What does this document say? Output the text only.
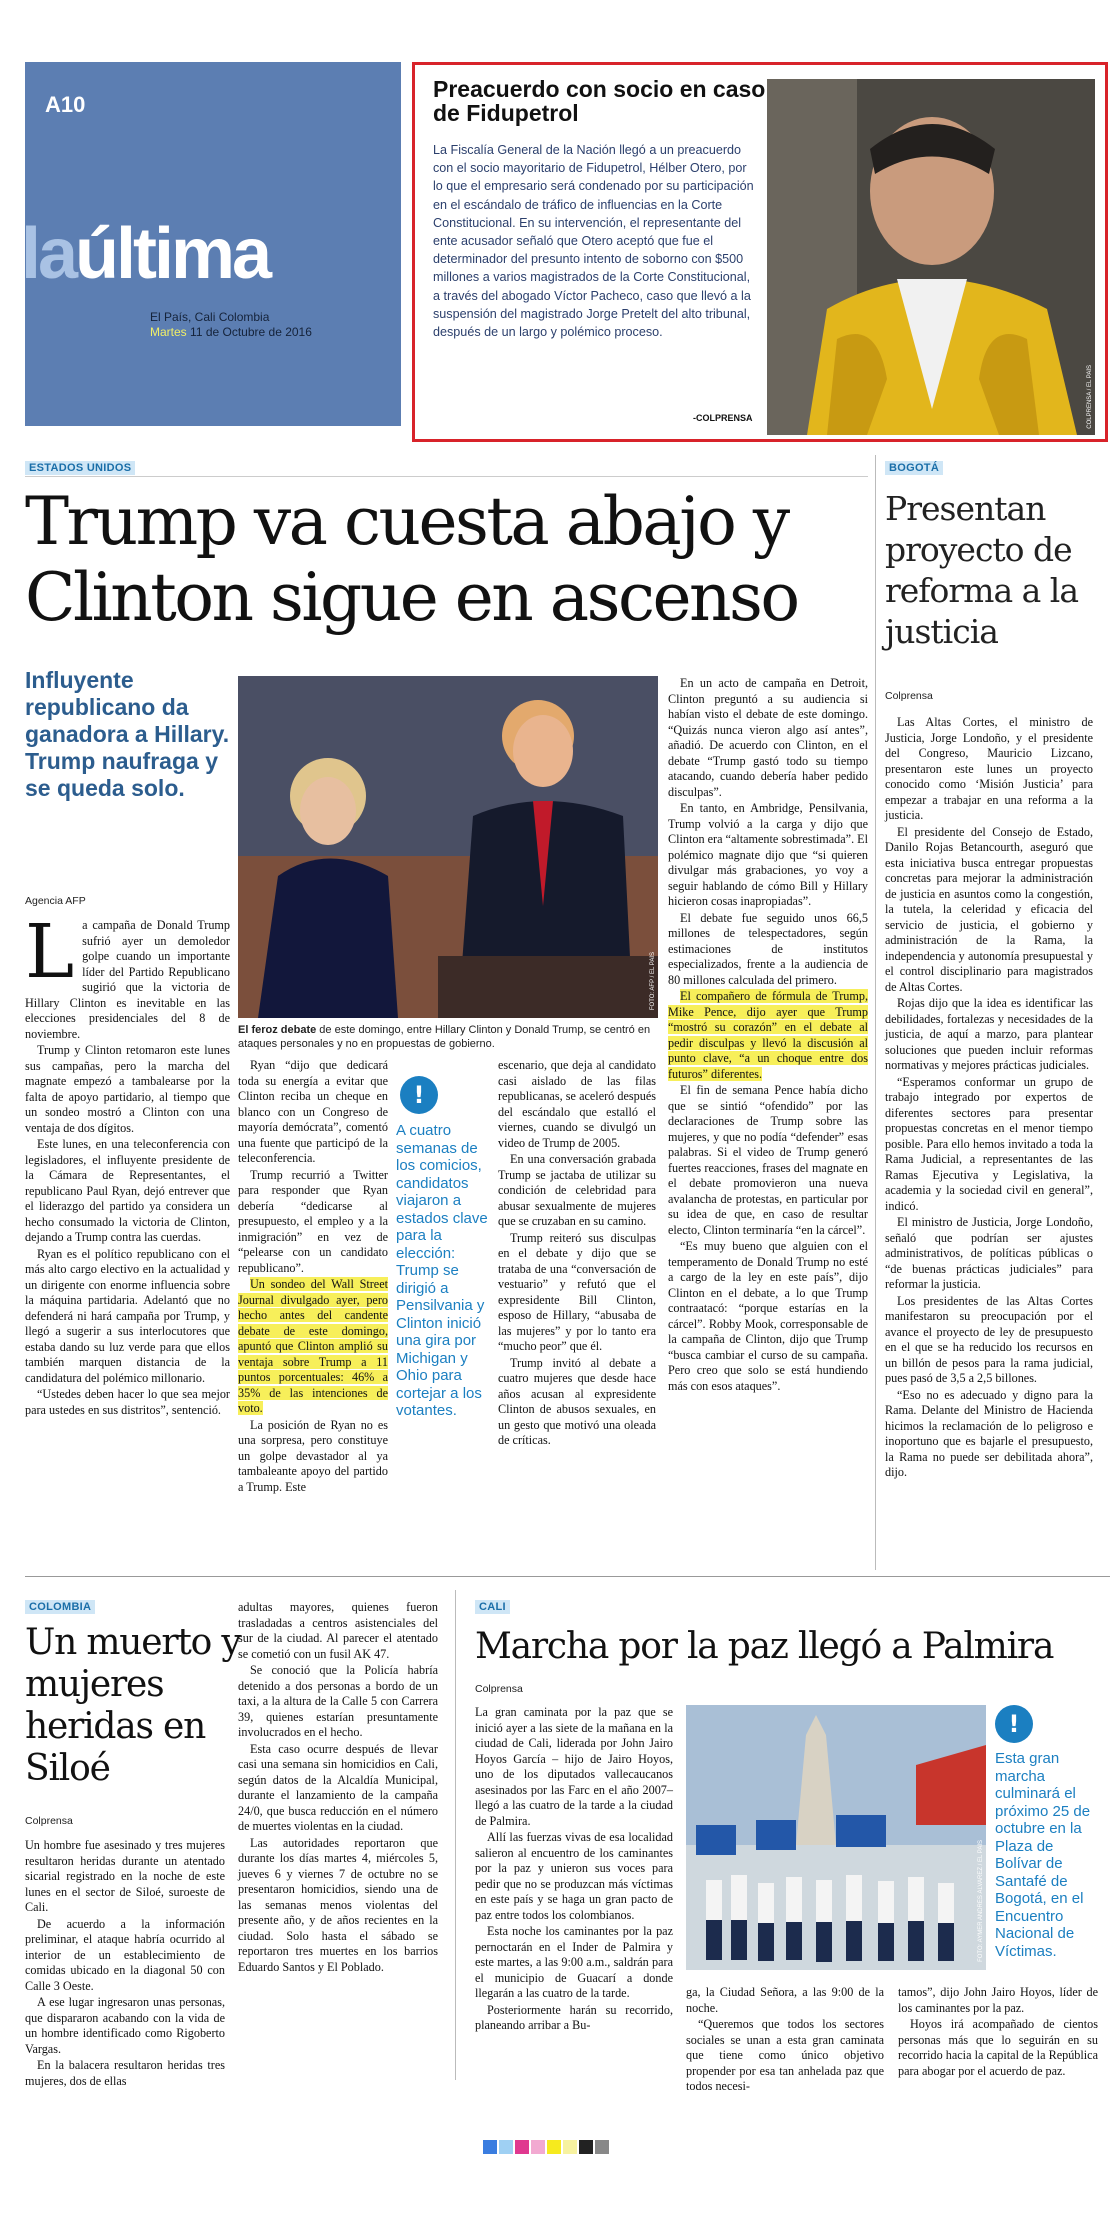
A10
laúltima
El País, Cali Colombia
Martes 11 de Octubre de 2016
Preacuerdo con socio en caso de Fidupetrol
La Fiscalía General de la Nación llegó a un preacuerdo con el socio mayoritario de Fidupetrol, Hélber Otero, por lo que el empresario será condenado por su participación en el escándalo de tráfico de influencias en la Corte Constitucional. En su intervención, el representante del ente acusador señaló que Otero aceptó que fue el determinador del presunto intento de soborno con $500 millones a varios magistrados de la Corte Constitucional, a través del abogado Víctor Pacheco, caso que llevó a la suspensión del magistrado Jorge Pretelt del alto tribunal, después de un largo y polémico proceso.
-COLPRENSA	COLPRENSA / EL PAÍS
ESTADOS UNIDOS
Trump va cuesta abajo y Clinton sigue en ascenso
Influyente republicano da ganadora a Hillary. Trump naufraga y se queda solo.
Agencia AFP
FOTO: AFP / EL PAÍS
El feroz debate de este domingo, entre Hillary Clinton y Donald Trump, se centró en ataques personales y no en propuestas de gobierno.
L a campaña de Donald Trump sufrió ayer un demoledor golpe cuando un importante líder del Partido Republicano sugirió que la victoria de Hillary Clinton es inevitable en las elecciones presidenciales del 8 de noviembre.

Trump y Clinton retomaron este lunes sus campañas, pero la marcha del magnate empezó a tambalearse por la falta de apoyo partidario, al tiempo que un sondeo mostró a Clinton con una ventaja de dos dígitos.

Este lunes, en una teleconferencia con legisladores, el influyente presidente de la Cámara de Representantes, el republicano Paul Ryan, dejó entrever que el liderazgo del partido ya considera un hecho consumado la victoria de Clinton, dejando a Trump contra las cuerdas.

Ryan es el político republicano con el más alto cargo electivo en la actualidad y un dirigente con enorme influencia sobre la máquina partidaria. Adelantó que no defenderá ni hará campaña por Trump, y llegó a sugerir a sus interlocutores que estaba dando su luz verde para que ellos también marquen distancia de la candidatura del polémico millonario.

“Ustedes deben hacer lo que sea mejor para ustedes en sus distritos”, sentenció.

Ryan “dijo que dedicará toda su energía a evitar que Clinton reciba un cheque en blanco con un Congreso de mayoría demócrata”, comentó una fuente que participó de la teleconferencia.

Trump recurrió a Twitter para responder que Ryan debería “dedicarse al presupuesto, el empleo y a la inmigración” en vez de “pelearse con un candidato republicano”.

Un sondeo del Wall Street Journal divulgado ayer, pero hecho antes del candente debate de este domingo, apuntó que Clinton amplió su ventaja sobre Trump a 11 puntos porcentuales: 46% a 35% de las intenciones de voto.

La posición de Ryan no es una sorpresa, pero constituye un golpe devastador al ya tambaleante apoyo del partido a Trump. Este

!
A cuatro semanas de los comicios, candidatos viajaron a estados clave para la elección: Trump se dirigió a Pensilvania y Clinton inició una gira por Michigan y Ohio para cortejar a los votantes.

escenario, que deja al candidato casi aislado de las filas republicanas, se aceleró después del escándalo que estalló el viernes, cuando se divulgó un video de Trump de 2005.

En una conversación grabada Trump se jactaba de utilizar su condición de celebridad para abusar sexualmente de mujeres que se cruzaban en su camino.

Trump reiteró sus disculpas en el debate y dijo que se trataba de una “conversación de vestuario” y refutó que el expresidente Bill Clinton, esposo de Hillary, “abusaba de las mujeres” y por lo tanto era “mucho peor” que él.

Trump invitó al debate a cuatro mujeres que desde hace años acusan al expresidente Clinton de abusos sexuales, en un gesto que motivó una oleada de críticas.

En un acto de campaña en Detroit, Clinton preguntó a su audiencia si habían visto el debate de este domingo. “Quizás nunca vieron algo así antes”, añadió. De acuerdo con Clinton, en el debate “Trump gastó todo su tiempo atacando, cuando debería haber pedido disculpas”.

En tanto, en Ambridge, Pensilvania, Trump volvió a la carga y dijo que Clinton era “altamente sobrestimada”. El polémico magnate dijo que “si quieren divulgar más grabaciones, yo voy a seguir hablando de cómo Bill y Hillary hicieron cosas inapropiadas”.

El debate fue seguido unos 66,5 millones de telespectadores, según estimaciones de institutos especializados, frente a la audiencia de 80 millones calculada del primero.

El compañero de fórmula de Trump, Mike Pence, dijo ayer que Trump “mostró su corazón” en el debate al pedir disculpas y llevó la discusión al punto clave, “a un choque entre dos futuros” diferentes.

El fin de semana Pence había dicho que se sintió “ofendido” por las declaraciones de Trump sobre las mujeres, y que no podía “defender” esas palabras. Si el video de Trump generó fuertes reacciones, frases del magnate en el debate promovieron una nueva avalancha de protestas, en particular por su idea de que, en caso de resultar electo, Clinton terminaría “en la cárcel”.

“Es muy bueno que alguien con el temperamento de Donald Trump no esté a cargo de la ley en este país”, dijo Clinton en el debate, a lo que Trump contraatacó: “porque estarías en la cárcel”. Robby Mook, corresponsable de la campaña de Clinton, dijo que Trump “busca cambiar el curso de su campaña. Pero creo que solo se está hundiendo más con esos ataques”.

BOGOTÁ
Presentan proyecto de reforma a la justicia
Colprensa

Las Altas Cortes, el ministro de Justicia, Jorge Londoño, y el presidente del Congreso, Mauricio Lizcano, presentaron este lunes un proyecto conocido como ‘Misión Justicia’ para empezar a trabajar en una reforma a la justicia.

El presidente del Consejo de Estado, Danilo Rojas Betancourth, aseguró que esta iniciativa busca entregar propuestas concretas para mejorar la administración de justicia en asuntos como la congestión, la tutela, la celeridad y eficacia del servicio de justicia, el gobierno y administración de la Rama, la independencia y autonomía presupuestal y el control disciplinario para magistrados de Altas Cortes.

Rojas dijo que la idea es identificar las debilidades, fortalezas y necesidades de la justicia, de aquí a marzo, para plantear soluciones que pueden incluir reformas normativas y mejores prácticas judiciales.

“Esperamos conformar un grupo de trabajo integrado por expertos de diferentes sectores para presentar propuestas concretas en el menor tiempo posible. Para ello hemos invitado a toda la Rama Judicial, a representantes de las Ramas Ejecutiva y Legislativa, la academia y la sociedad civil en general”, indicó.

El ministro de Justicia, Jorge Londoño, señaló que podrían ser ajustes administrativos, de políticas públicas o “de buenas prácticas judiciales” para reformar la justicia.

Los presidentes de las Altas Cortes manifestaron su preocupación por el avance el proyecto de ley de presupuesto en el que se ha reducido los recursos en un billón de pesos para la rama judicial, pues pasó de 3,5 a 2,5 billones.

“Eso no es adecuado y digno para la Rama. Delante del Ministro de Hacienda hicimos la reclamación de lo peligroso e inoportuno que es bajarle el presupuesto, la Rama no puede ser debilitada ahora”, dijo.

COLOMBIA
Un muerto y mujeres heridas en Siloé
Colprensa

Un hombre fue asesinado y tres mujeres resultaron heridas durante un atentado sicarial registrado en la noche de este lunes en el sector de Siloé, suroeste de Cali.

De acuerdo a la información preliminar, el ataque habría ocurrido al interior de un establecimiento de comidas ubicado en la diagonal 50 con Calle 3 Oeste.

A ese lugar ingresaron unas personas, que dispararon acabando con la vida de un hombre identificado como Rigoberto Vargas.

En la balacera resultaron heridas tres mujeres, dos de ellas

adultas mayores, quienes fueron trasladadas a centros asistenciales del sur de la ciudad. Al parecer el atentado se cometió con un fusil AK 47.

Se conoció que la Policía habría detenido a dos personas a bordo de un taxi, a la altura de la Calle 5 con Carrera 39, quienes estarían presuntamente involucrados en el hecho.

Esta caso ocurre después de llevar casi una semana sin homicidios en Cali, según datos de la Alcaldía Municipal, durante el lanzamiento de la campaña 24/0, que busca reducción en el número de muertes violentas en la ciudad.

Las autoridades reportaron que durante los días martes 4, miércoles 5, jueves 6 y viernes 7 de octubre no se presentaron homicidios, siendo una de las semanas menos violentas del presente año, y de años recientes en la ciudad. Solo hasta el sábado se reportaron tres muertes en los barrios Eduardo Santos y El Poblado.

CALI
Marcha por la paz llegó a Palmira
Colprensa

La gran caminata por la paz que se inició ayer a las siete de la mañana en la ciudad de Cali, liderada por John Jairo Hoyos García – hijo de Jairo Hoyos, uno de los diputados vallecaucanos asesinados por las Farc en el año 2007– llegó a las cuatro de la tarde a la ciudad de Palmira.

Allí las fuerzas vivas de esa localidad salieron al encuentro de los caminantes por la paz y unieron sus voces para pedir que no se produzcan más víctimas en este país y se haga un gran pacto de paz entre todos los colombianos.

Esta noche los caminantes por la paz pernoctarán en el Inder de Palmira y este martes, a las 9:00 a.m., saldrán para el municipio de Guacarí a donde llegarán a las cuatro de la tarde.

Posteriormente harán su recorrido, planeando arribar a Bu-

FOTO: AYMER ANDRÉS ÁLVAREZ / EL PAÍS
!
Esta gran marcha culminará el próximo 25 de octubre en la Plaza de Bolívar de Santafé de Bogotá, en el Encuentro Nacional de Víctimas.

ga, la Ciudad Señora, a las 9:00 de la noche.

“Queremos que todos los sectores sociales se unan a esta gran caminata que tiene como único objetivo propender por esa tan anhelada paz que todos necesi-

tamos”, dijo John Jairo Hoyos, líder de los caminantes por la paz.

Hoyos irá acompañado de cientos personas más que lo seguirán en su recorrido hacia la capital de la República para abogar por el acuerdo de paz.
